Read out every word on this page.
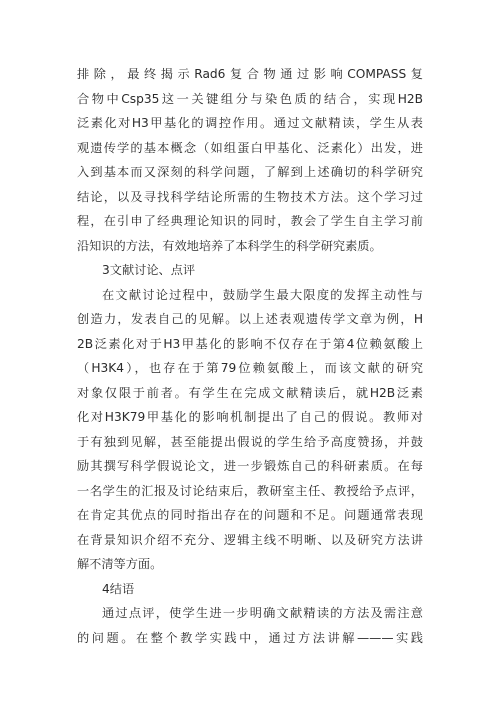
排除，最终揭示Rad6复合物通过影响COMPASS复
合物中Csp35这一关键组分与染色质的结合，实现H2B
泛素化对H3甲基化的调控作用。通过文献精读，学生从表
观遗传学的基本概念（如组蛋白甲基化、泛素化）出发，进
入到基本而又深刻的科学问题，了解到上述确切的科学研究
结论，以及寻找科学结论所需的生物技术方法。这个学习过
程，在引申了经典理论知识的同时，教会了学生自主学习前
沿知识的方法，有效地培养了本科学生的科学研究素质。
3文献讨论、点评
在文献讨论过程中，鼓励学生最大限度的发挥主动性与
创造力，发表自己的见解。以上述表观遗传学文章为例，H
2B泛素化对于H3甲基化的影响不仅存在于第4位赖氨酸上
（H3K4），也存在于第79位赖氨酸上，而该文献的研究
对象仅限于前者。有学生在完成文献精读后，就H2B泛素
化对H3K79甲基化的影响机制提出了自己的假说。教师对
于有独到见解，甚至能提出假说的学生给予高度赞扬，并鼓
励其撰写科学假说论文，进一步锻炼自己的科研素质。在每
一名学生的汇报及讨论结束后，教研室主任、教授给予点评，
在肯定其优点的同时指出存在的问题和不足。问题通常表现
在背景知识介绍不充分、逻辑主线不明晰、以及研究方法讲
解不清等方面。
4结语
通过点评，使学生进一步明确文献精读的方法及需注意
的问题。在整个教学实践中，通过方法讲解———实践
